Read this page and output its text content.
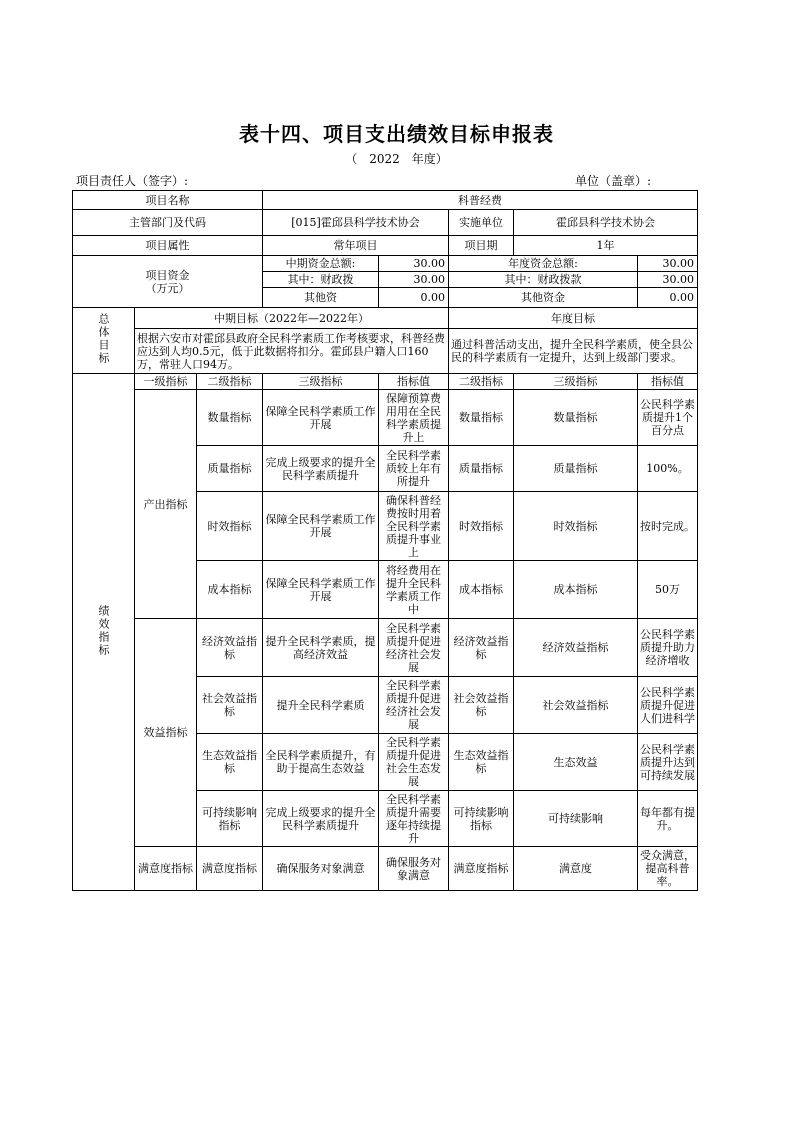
表十四、项目支出绩效目标申报表
（　2022　年度）
项目责任人（签字）:	单位（盖章）:
项目名称			科普经费				
主管部门及代码			[015]霍邱县科学技术协会		实施单位	霍邱县科学技术协会	
项目属性			常年项目		项目期	1年	
项目资金
（万元）			中期资金总额:	30.00	年度资金总额:		30.00
			其中：财政拨	30.00	其中：财政拨款		30.00
			其他资	0.00	其他资金		0.00
总体目标	中期目标（2022年—2022年）				年度目标		

	根据六安市对霍邱县政府全民科学素质工作考核要求，科普经费应达到人均0.5元，低于此数据将扣分。霍邱县户籍人口160万，常驻人口94万。				通过科普活动支出，提升全民科学素质，使全县公民的科学素质有一定提升，达到上级部门要求。		

绩效指标	一级指标	二级指标	三级指标	指标值	二级指标	三级指标	指标值
	产出指标	数量指标	保障全民科学素质工作开展	保障预算费用用在全民科学素质提升上	数量指标	数量指标	公民科学素质提升1个百分点

		质量指标	完成上级要求的提升全民科学素质提升	全民科学素质较上年有所提升	质量指标	质量指标	100%。

		时效指标	保障全民科学素质工作开展	确保科普经费按时用着全民科学素质提升事业上	时效指标	时效指标	按时完成。

		成本指标	保障全民科学素质工作开展	将经费用在提升全民科学素质工作中	成本指标	成本指标	50万

	效益指标	经济效益指标	提升全民科学素质，提高经济效益	全民科学素质提升促进经济社会发展	经济效益指标	经济效益指标	公民科学素质提升助力经济增收

		社会效益指标	提升全民科学素质	全民科学素质提升促进经济社会发展	社会效益指标	社会效益指标	公民科学素质提升促进人们进科学

		生态效益指标	全民科学素质提升，有助于提高生态效益	全民科学素质提升促进社会生态发展	生态效益指标	生态效益	公民科学素质提升达到可持续发展

		可持续影响指标	完成上级要求的提升全民科学素质提升	全民科学素质提升需要逐年持续提升	可持续影响指标	可持续影响	每年都有提升。

	满意度指标	满意度指标	确保服务对象满意	确保服务对象满意	满意度指标	满意度	受众满意，提高科普率。
